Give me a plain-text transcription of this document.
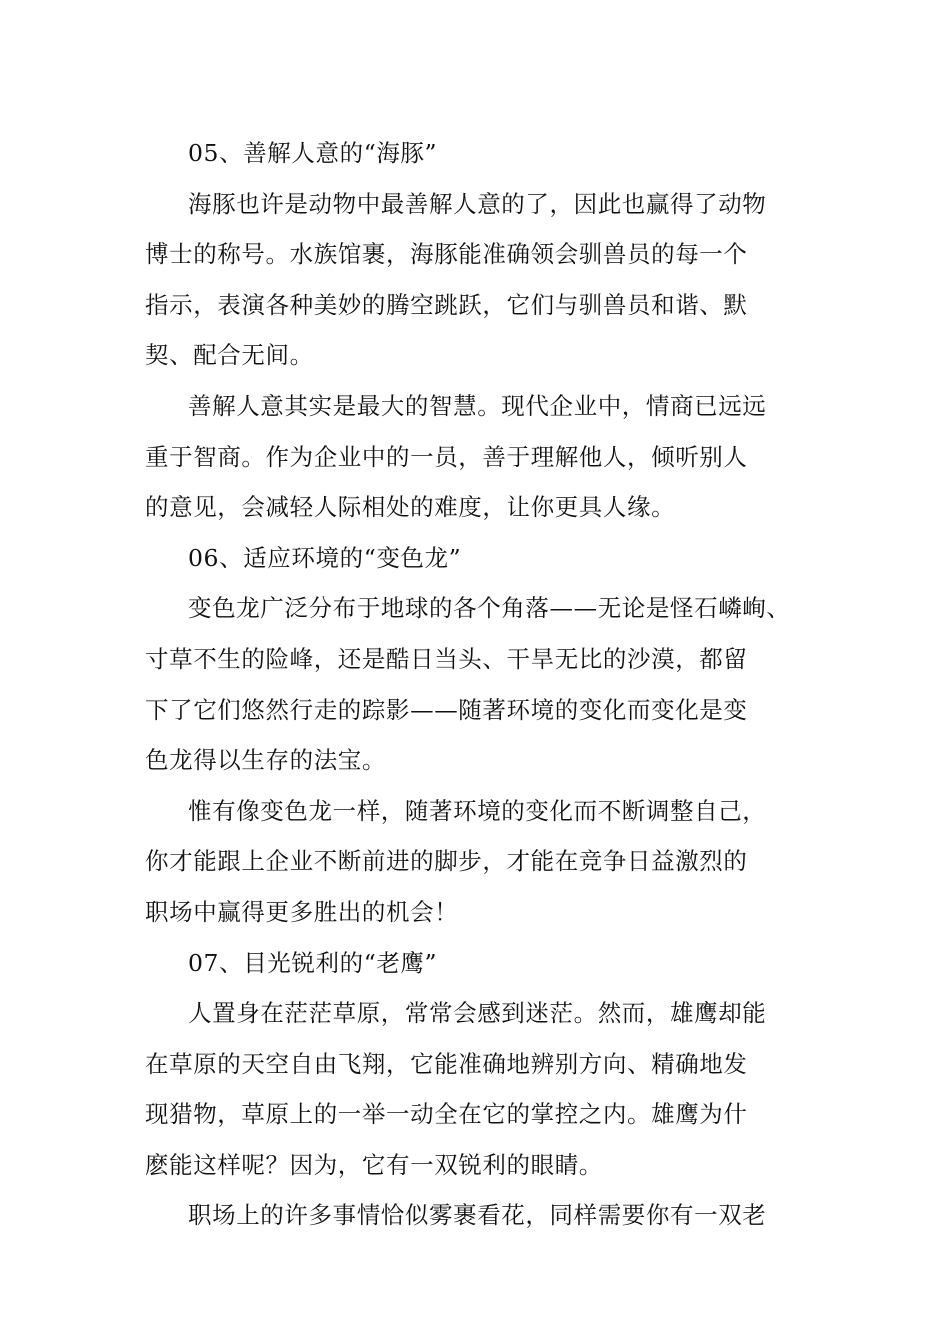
05、善解人意的“海豚”
海豚也许是动物中最善解人意的了，因此也赢得了动物
博士的称号。水族馆裹，海豚能准确领会驯兽员的每一个
指示，表演各种美妙的腾空跳跃，它们与驯兽员和谐、默
契、配合无间。
善解人意其实是最大的智慧。现代企业中，情商已远远
重于智商。作为企业中的一员，善于理解他人，倾听别人
的意见，会减轻人际相处的难度，让你更具人缘。
06、适应环境的“变色龙”
变色龙广泛分布于地球的各个角落——无论是怪石嶙峋、
寸草不生的险峰，还是酷日当头、干旱无比的沙漠，都留
下了它们悠然行走的踪影——随著环境的变化而变化是变
色龙得以生存的法宝。
惟有像变色龙一样，随著环境的变化而不断调整自己，
你才能跟上企业不断前进的脚步，才能在竞争日益激烈的
职场中赢得更多胜出的机会！
07、目光锐利的“老鹰”
人置身在茫茫草原，常常会感到迷茫。然而，雄鹰却能
在草原的天空自由飞翔，它能准确地辨别方向、精确地发
现猎物，草原上的一举一动全在它的掌控之内。雄鹰为什
麽能这样呢？因为，它有一双锐利的眼睛。
职场上的许多事情恰似雾裹看花，同样需要你有一双老
